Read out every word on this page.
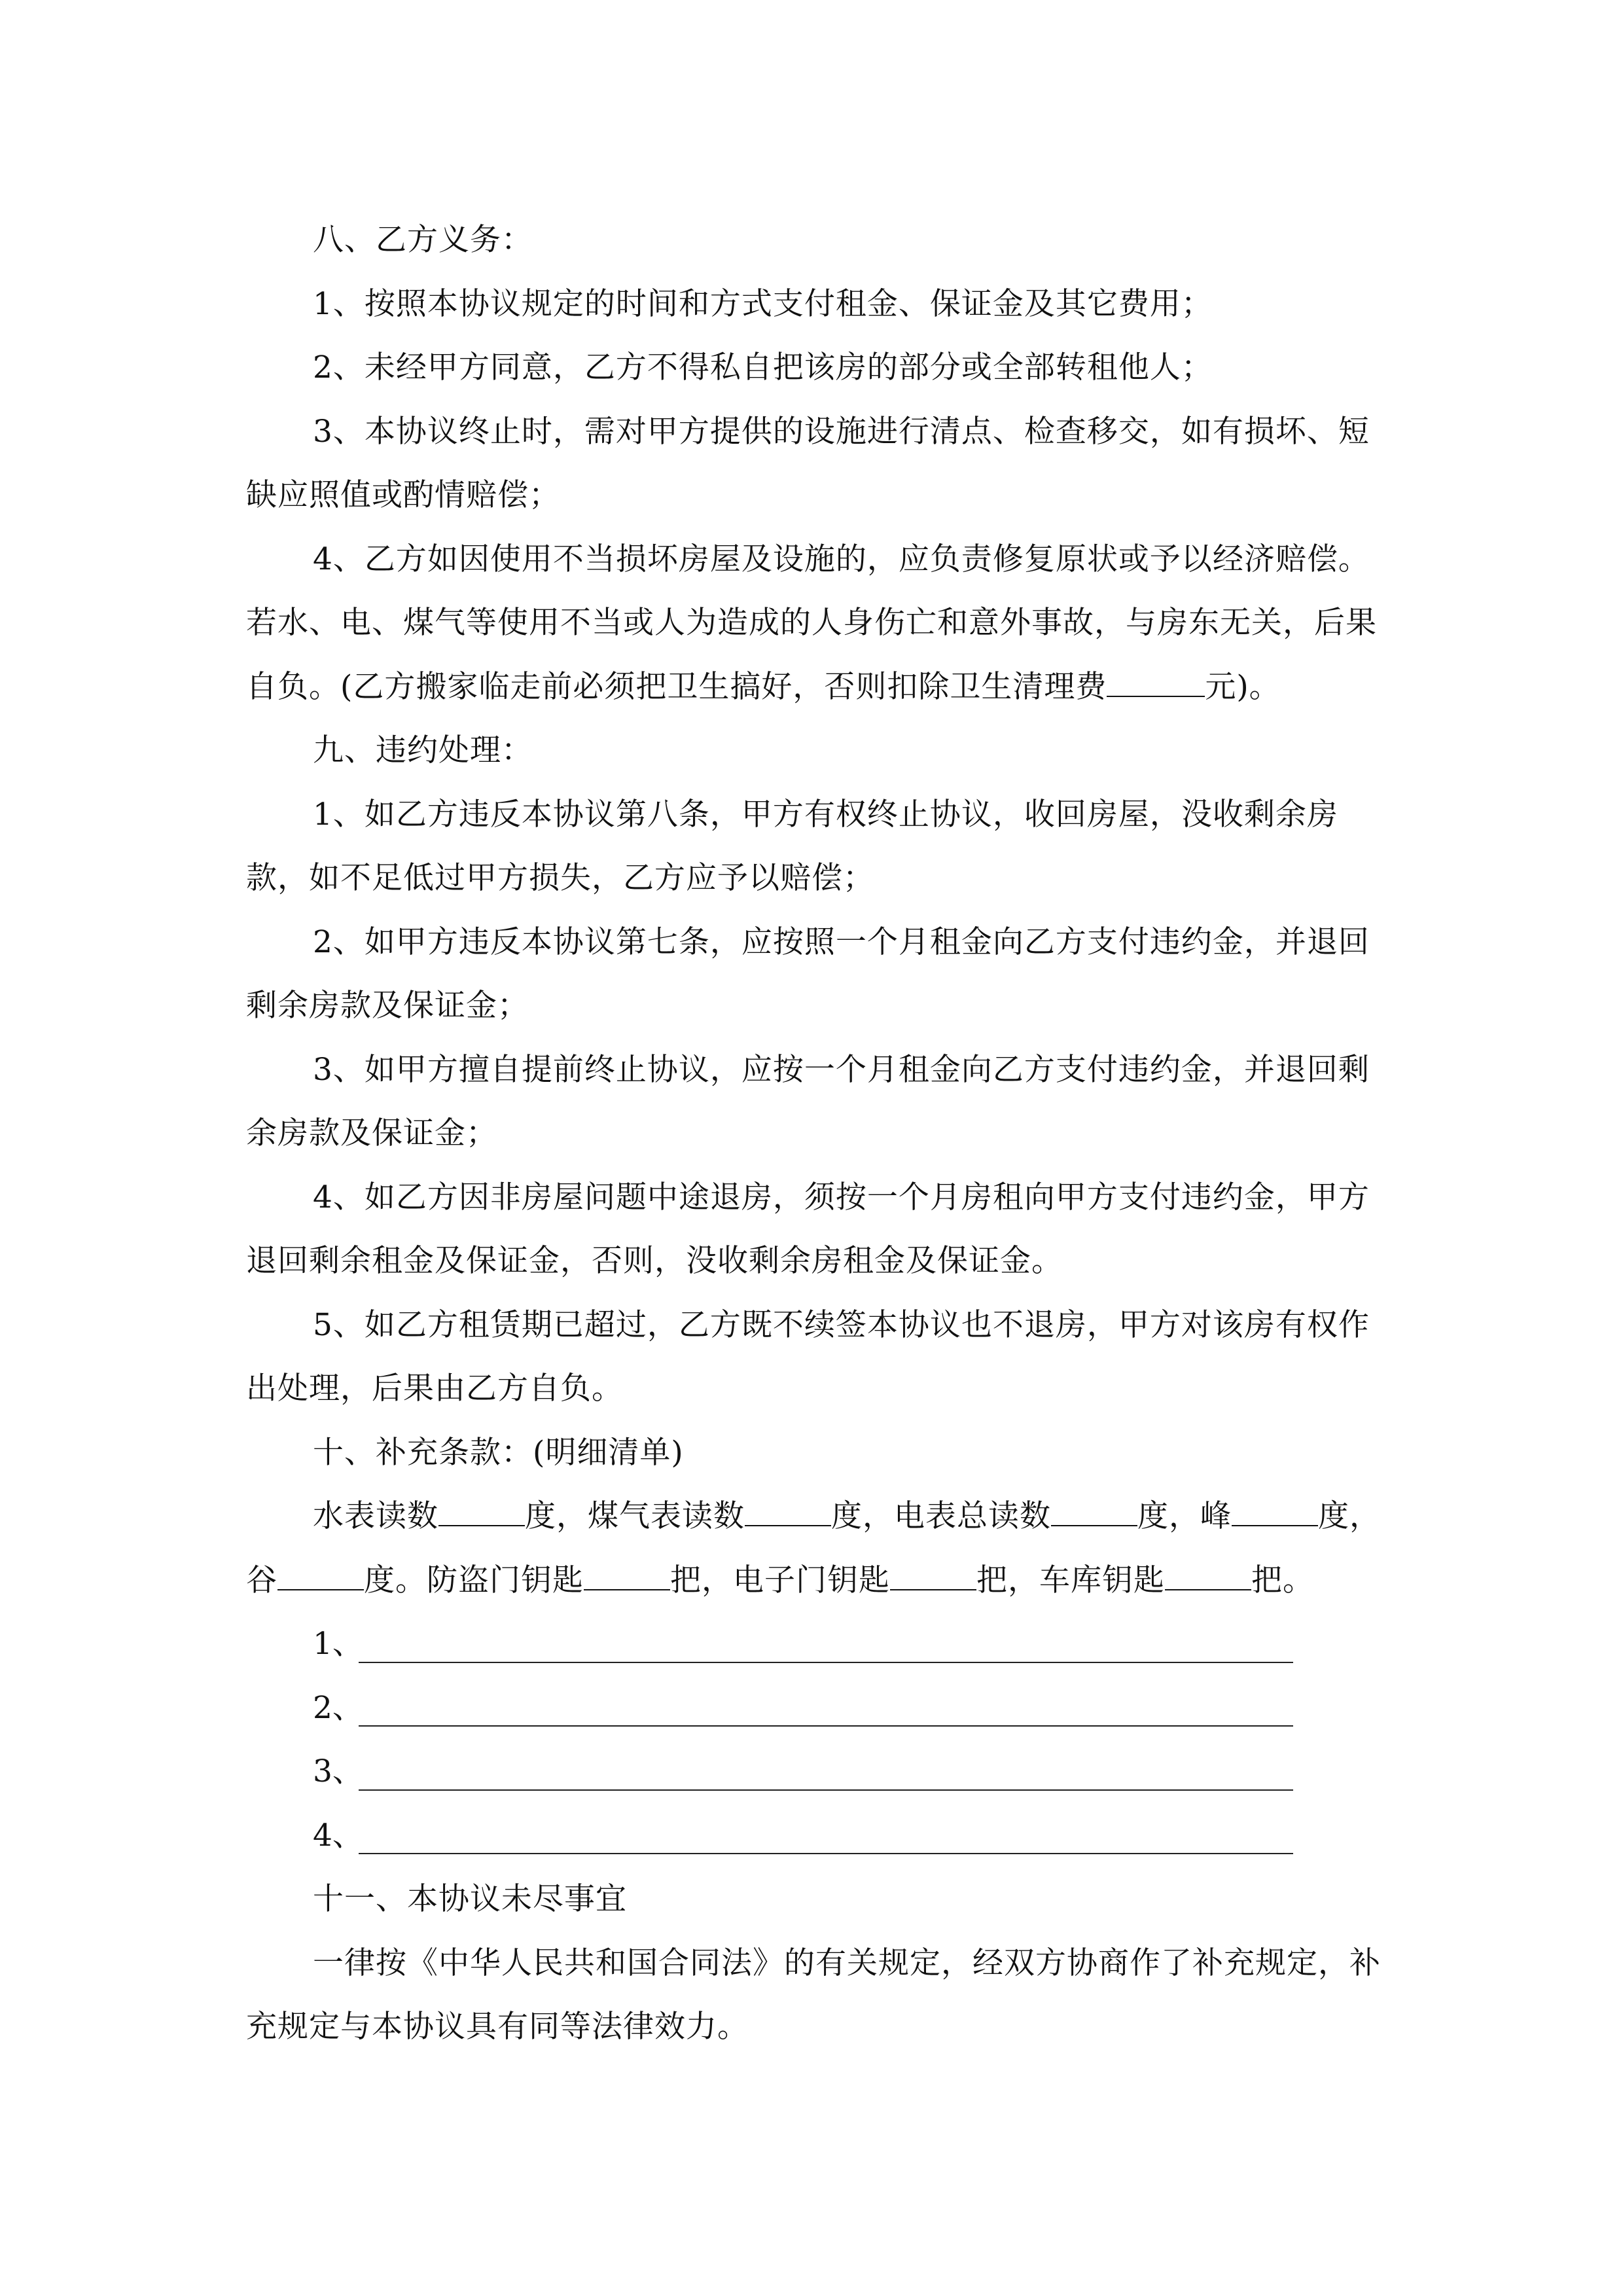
八、乙方义务：

1、按照本协议规定的时间和方式支付租金、保证金及其它费用；

2、未经甲方同意，乙方不得私自把该房的部分或全部转租他人；

3、本协议终止时，需对甲方提供的设施进行清点、检查移交，如有损坏、短缺应照值或酌情赔偿；

4、乙方如因使用不当损坏房屋及设施的，应负责修复原状或予以经济赔偿。若水、电、煤气等使用不当或人为造成的人身伤亡和意外事故，与房东无关，后果自负。(乙方搬家临走前必须把卫生搞好，否则扣除卫生清理费	元)。

九、违约处理：

1、如乙方违反本协议第八条，甲方有权终止协议，收回房屋，没收剩余房款，如不足低过甲方损失，乙方应予以赔偿；

2、如甲方违反本协议第七条，应按照一个月租金向乙方支付违约金，并退回剩余房款及保证金；

3、如甲方擅自提前终止协议，应按一个月租金向乙方支付违约金，并退回剩余房款及保证金；

4、如乙方因非房屋问题中途退房，须按一个月房租向甲方支付违约金，甲方退回剩余租金及保证金，否则，没收剩余房租金及保证金。

5、如乙方租赁期已超过，乙方既不续签本协议也不退房，甲方对该房有权作出处理，后果由乙方自负。

十、补充条款：(明细清单)

水表读数	度，煤气表读数	度，电表总读数	度，峰	度，谷	度。防盗门钥匙	把，电子门钥匙	把，车库钥匙	把。

1、
2、
3、
4、

十一、本协议未尽事宜

一律按《中华人民共和国合同法》的有关规定，经双方协商作了补充规定，补充规定与本协议具有同等法律效力。
